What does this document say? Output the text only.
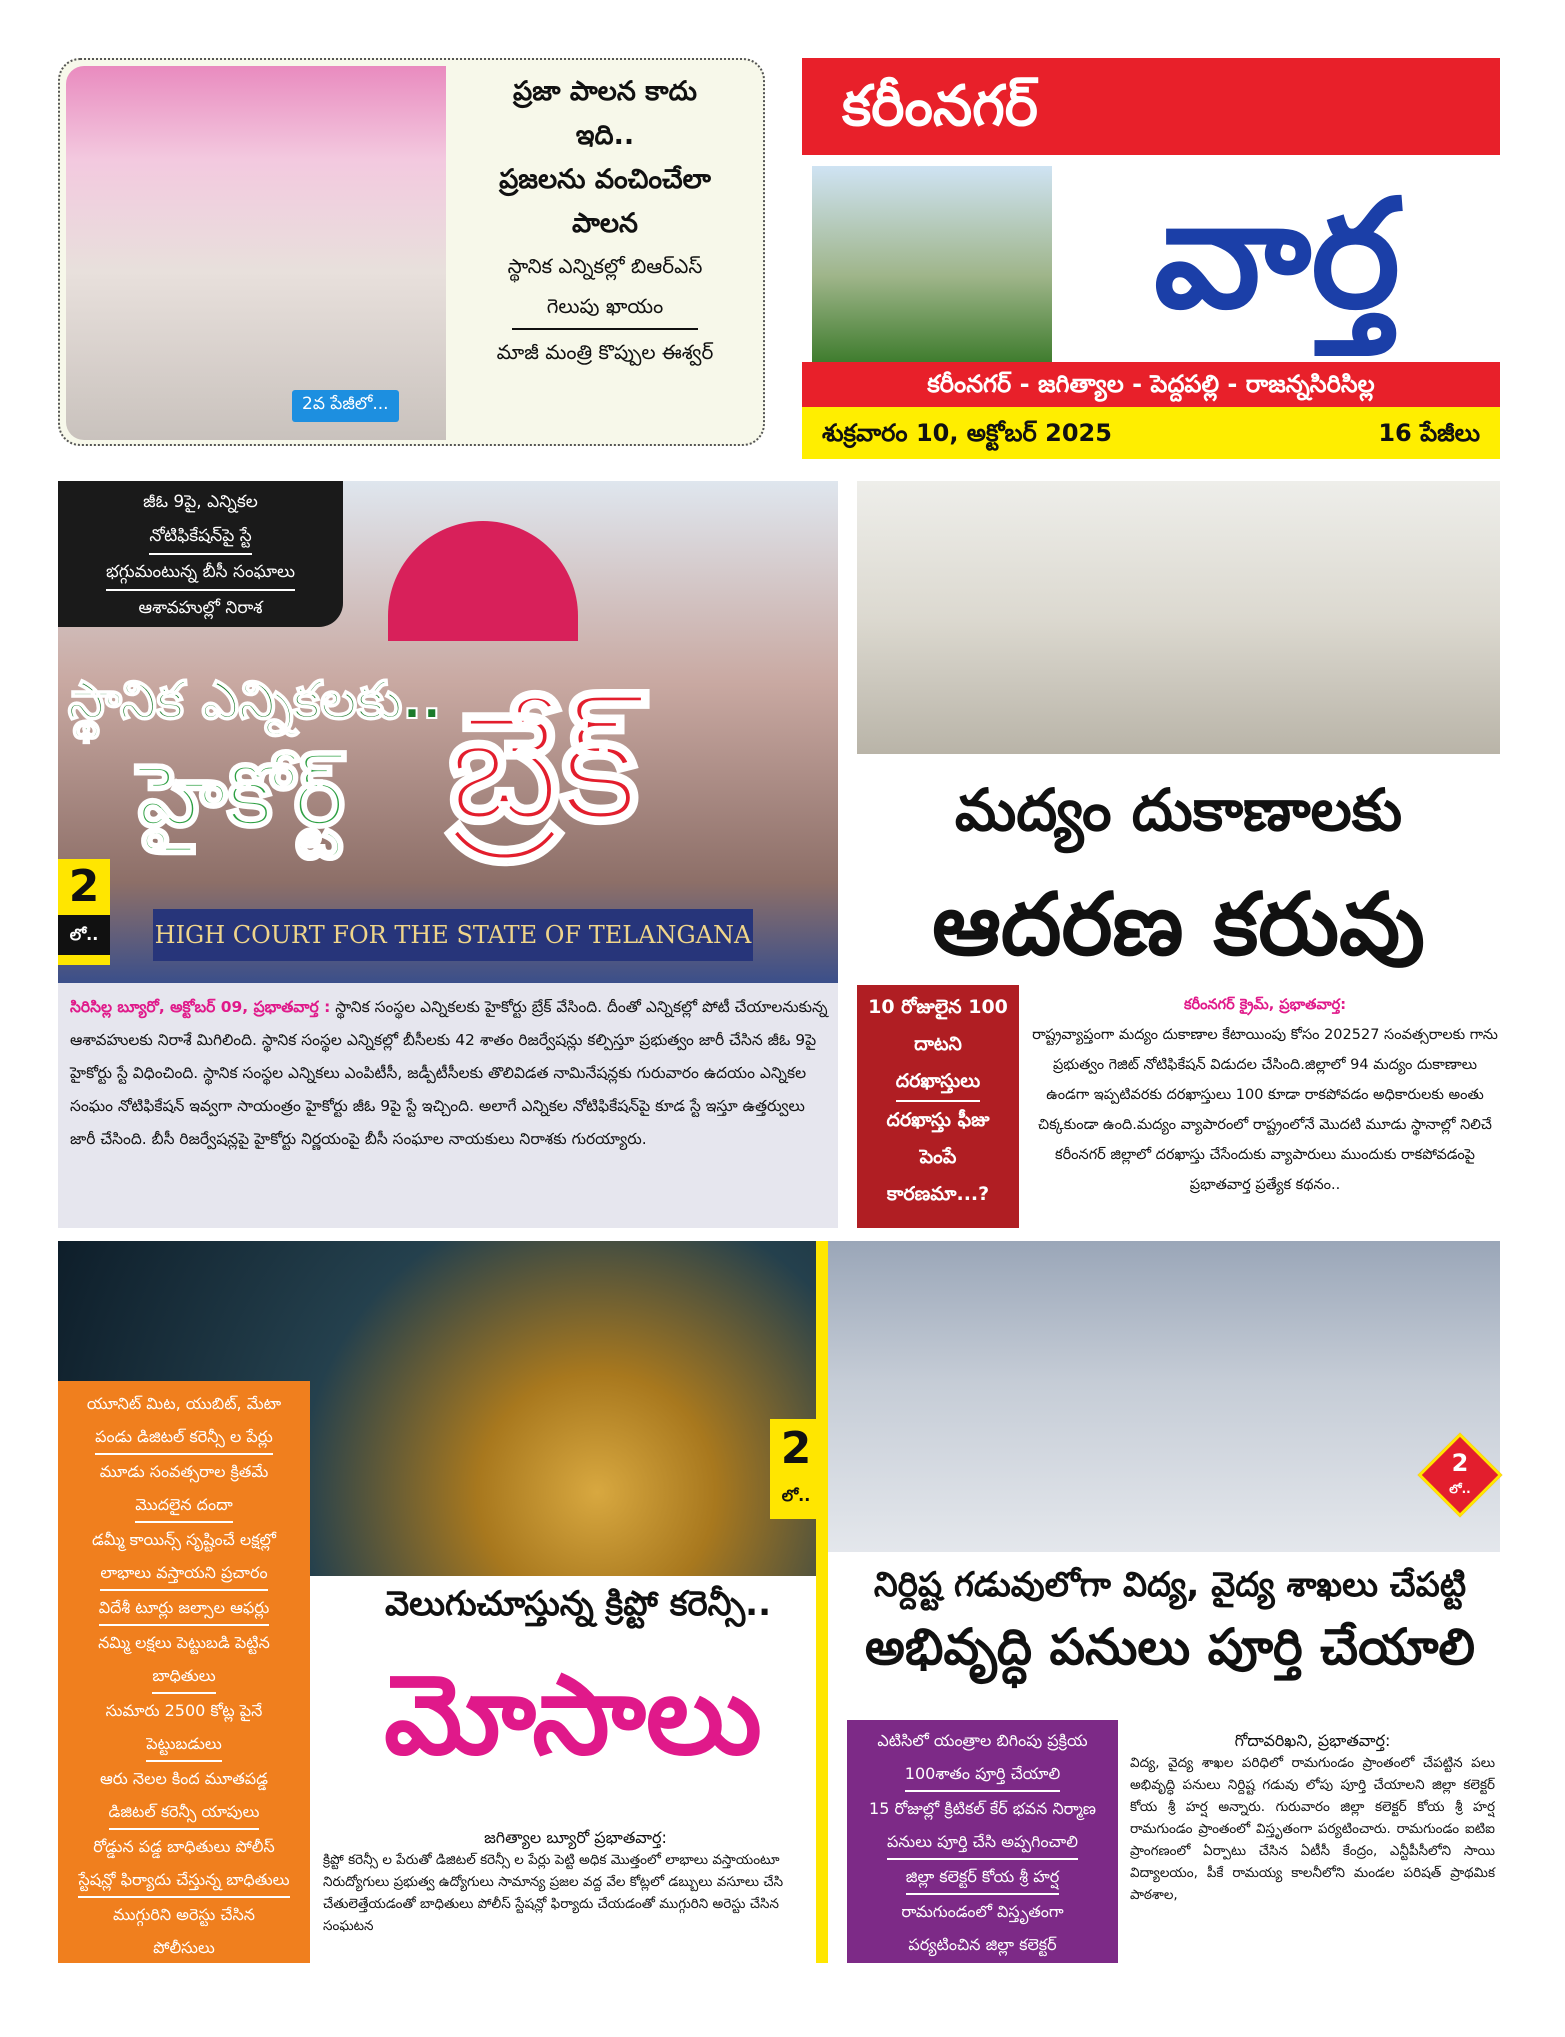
2వ పేజీలో...
ప్రజా పాలన కాదు
ఇది..
ప్రజలను వంచించేలా
పాలన
స్థానిక ఎన్నికల్లో బిఆర్ఎస్
గెలుపు ఖాయం
మాజీ మంత్రి కొప్పుల ఈశ్వర్
కరీంనగర్
వార్త
కరీంనగర్ - జగిత్యాల - పెద్దపల్లి - రాజన్నసిరిసిల్ల
శుక్రవారం 10, అక్టోబర్ 2025	16 పేజీలు
జీఓ 9పై, ఎన్నికల
నోటిఫికేషన్‌పై స్టే
భగ్గుమంటున్న బీసీ సంఘాలు
ఆశావహుల్లో నిరాశ
HIGH COURT FOR THE STATE OF TELANGANA
స్థానిక ఎన్నికలకు..
హైకోర్ట్ బ్రేక్
2
లో..
సిరిసిల్ల బ్యూరో, అక్టోబర్ 09, ప్రభాతవార్త : స్థానిక సంస్థల ఎన్నికలకు హైకోర్టు బ్రేక్ వేసింది. దీంతో ఎన్నికల్లో పోటీ చేయాలనుకున్న ఆశావహులకు నిరాశే మిగిలింది. స్థానిక సంస్థల ఎన్నికల్లో బీసీలకు 42 శాతం రిజర్వేషన్లు కల్పిస్తూ ప్రభుత్వం జారీ చేసిన జీఓ 9పై హైకోర్టు స్టే విధించింది. స్థానిక సంస్థల ఎన్నికలు ఎంపిటీసీ, జడ్పీటీసీలకు తొలివిడత నామినేషన్లకు గురువారం ఉదయం ఎన్నికల సంఘం నోటిఫికేషన్ ఇవ్వగా సాయంత్రం హైకోర్టు జీఓ 9పై స్టే ఇచ్చింది. అలాగే ఎన్నికల నోటిఫికేషన్‌పై కూడ స్టే ఇస్తూ ఉత్తర్వులు జారీ చేసింది. బీసీ రిజర్వేషన్లపై హైకోర్టు నిర్ణయంపై బీసీ సంఘాల నాయకులు నిరాశకు గురయ్యారు.
మద్యం దుకాణాలకు
ఆదరణ కరువు
10 రోజులైన 100
దాటని
దరఖాస్తులు
దరఖాస్తు ఫీజు
పెంపే
కారణమా...?
కరీంనగర్ క్రైమ్, ప్రభాతవార్త:
రాష్ట్రవ్యాప్తంగా మద్యం దుకాణాల కేటాయింపు కోసం 202527 సంవత్సరాలకు గాను ప్రభుత్వం గెజిట్ నోటిఫికేషన్ విడుదల చేసింది.జిల్లాలో 94 మద్యం దుకాణాలు ఉండగా ఇప్పటివరకు దరఖాస్తులు 100 కూడా రాకపోవడం అధికారులకు అంతు చిక్కకుండా ఉంది.మద్యం వ్యాపారంలో రాష్ట్రంలోనే మొదటి మూడు స్థానాల్లో నిలిచే కరీంనగర్ జిల్లాలో దరఖాస్తు చేసేందుకు వ్యాపారులు ముందుకు రాకపోవడంపై ప్రభాతవార్త ప్రత్యేక కథనం..
యూనిట్ మిట, యుబిట్, మేటా
పండు డిజిటల్ కరెన్సీ ల పేర్లు
మూడు సంవత్సరాల క్రితమే
మొదలైన దందా
డమ్మీ కాయిన్స్ సృష్టించే లక్షల్లో
లాభాలు వస్తాయని ప్రచారం
విదేశీ టూర్లు జల్సాల ఆఫర్లు
నమ్మి లక్షలు పెట్టుబడి పెట్టిన
బాధితులు
సుమారు 2500 కోట్ల పైనే
పెట్టుబడులు
ఆరు నెలల కింద మూతపడ్డ
డిజిటల్ కరెన్సీ యాపులు
రోడ్డున పడ్డ బాధితులు పోలీస్
స్టేషన్లో ఫిర్యాదు చేస్తున్న బాధితులు
ముగ్గురిని అరెస్టు చేసిన
పోలీసులు
2
లో..
వెలుగుచూస్తున్న క్రిప్టో కరెన్సీ..
మోసాలు
జగిత్యాల బ్యూరో ప్రభాతవార్త:
క్రిప్టో కరెన్సీ ల పేరుతో డిజిటల్ కరెన్సీ ల పేర్లు పెట్టి అధిక మొత్తంలో లాభాలు వస్తాయంటూ నిరుద్యోగులు ప్రభుత్వ ఉద్యోగులు సామాన్య ప్రజల వద్ద వేల కోట్లలో డబ్బులు వసూలు చేసి చేతులెత్తేయడంతో బాధితులు పోలీస్ స్టేషన్లో ఫిర్యాదు చేయడంతో ముగ్గురిని అరెస్టు చేసిన సంఘటన
2
లో..
నిర్దిష్ట గడువులోగా విద్య, వైద్య శాఖలు చేపట్టి
అభివృద్ధి పనులు పూర్తి చేయాలి
ఎటిసిలో యంత్రాల బిగింపు ప్రక్రియ
100శాతం పూర్తి చేయాలి
15 రోజుల్లో క్రిటికల్ కేర్ భవన నిర్మాణ
పనులు పూర్తి చేసి అప్పగించాలి
జిల్లా కలెక్టర్ కోయ శ్రీ హర్ష
రామగుండంలో విస్తృతంగా
పర్యటించిన జిల్లా కలెక్టర్
గోదావరిఖని, ప్రభాతవార్త:
విద్య, వైద్య శాఖల పరిధిలో రామగుండం ప్రాంతంలో చేపట్టిన పలు అభివృద్ధి పనులు నిర్దిష్ట గడువు లోపు పూర్తి చేయాలని జిల్లా కలెక్టర్ కోయ శ్రీ హర్ష అన్నారు. గురువారం జిల్లా కలెక్టర్ కోయ శ్రీ హర్ష రామగుండం ప్రాంతంలో విస్తృతంగా పర్యటించారు. రామగుండం ఐటిఐ ప్రాంగణంలో ఏర్పాటు చేసిన ఏటీసీ కేంద్రం, ఎన్టీపీసీలోని సాయి విద్యాలయం, పీకే రామయ్య కాలనీలోని మండల పరిషత్ ప్రాథమిక పాఠశాల,
